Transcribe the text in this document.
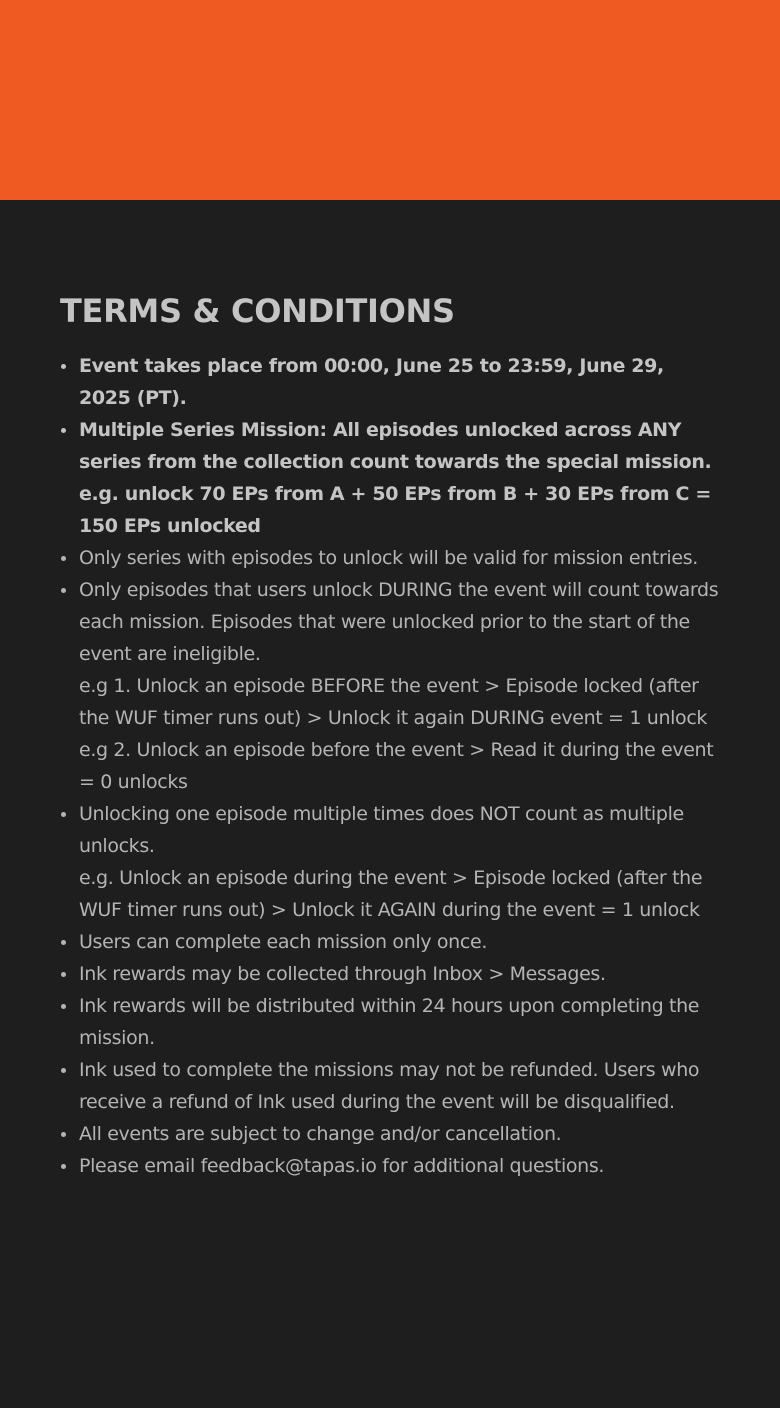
TERMS & CONDITIONS
Event takes place from 00:00, June 25 to 23:59, June 29, 2025 (PT).
Multiple Series Mission: All episodes unlocked across ANY series from the collection count towards the special mission.
e.g. unlock 70 EPs from A + 50 EPs from B + 30 EPs from C = 150 EPs unlocked
Only series with episodes to unlock will be valid for mission entries.
Only episodes that users unlock DURING the event will count towards each mission. Episodes that were unlocked prior to the start of the event are ineligible.
e.g 1. Unlock an episode BEFORE the event > Episode locked (after the WUF timer runs out) > Unlock it again DURING event = 1 unlock
e.g 2. Unlock an episode before the event > Read it during the event = 0 unlocks
Unlocking one episode multiple times does NOT count as multiple unlocks.
e.g. Unlock an episode during the event > Episode locked (after the WUF timer runs out) > Unlock it AGAIN during the event = 1 unlock
Users can complete each mission only once.
Ink rewards may be collected through Inbox > Messages.
Ink rewards will be distributed within 24 hours upon completing the mission.
Ink used to complete the missions may not be refunded. Users who receive a refund of Ink used during the event will be disqualified.
All events are subject to change and/or cancellation.
Please email feedback@tapas.io for additional questions.
